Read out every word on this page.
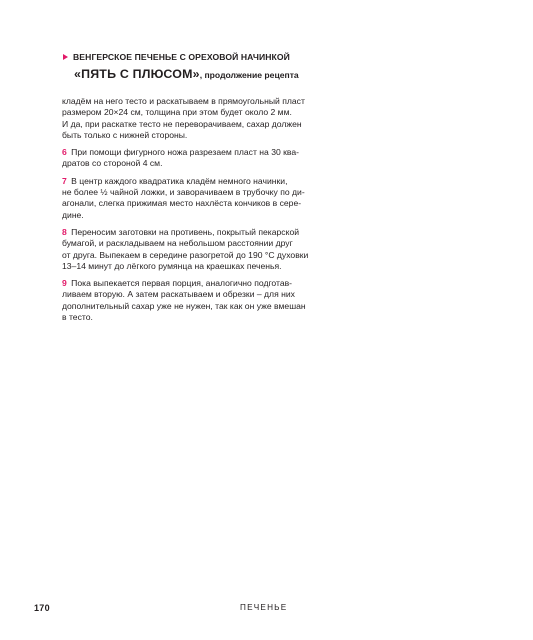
ВЕНГЕРСКОЕ ПЕЧЕНЬЕ С ОРЕХОВОЙ НАЧИНКОЙ
«ПЯТЬ С ПЛЮСОМ», продолжение рецепта
кладём на него тесто и раскатываем в прямоугольный пласт
размером 20×24 см, толщина при этом будет около 2 мм.
И да, при раскатке тесто не переворачиваем, сахар должен
быть только с нижней стороны.
6 При помощи фигурного ножа разрезаем пласт на 30 ква-
дратов со стороной 4 см.
7 В центр каждого квадратика кладём немного начинки,
не более ½ чайной ложки, и заворачиваем в трубочку по ди-
агонали, слегка прижимая место нахлёста кончиков в сере-
дине.
8 Переносим заготовки на противень, покрытый пекарской
бумагой, и раскладываем на небольшом расстоянии друг
от друга. Выпекаем в середине разогретой до 190 °С духовки
13–14 минут до лёгкого румянца на краешках печенья.
9 Пока выпекается первая порция, аналогично подготав-
ливаем вторую. А затем раскатываем и обрезки – для них
дополнительный сахар уже не нужен, так как он уже вмешан
в тесто.
170	ПЕЧЕНЬЕ
